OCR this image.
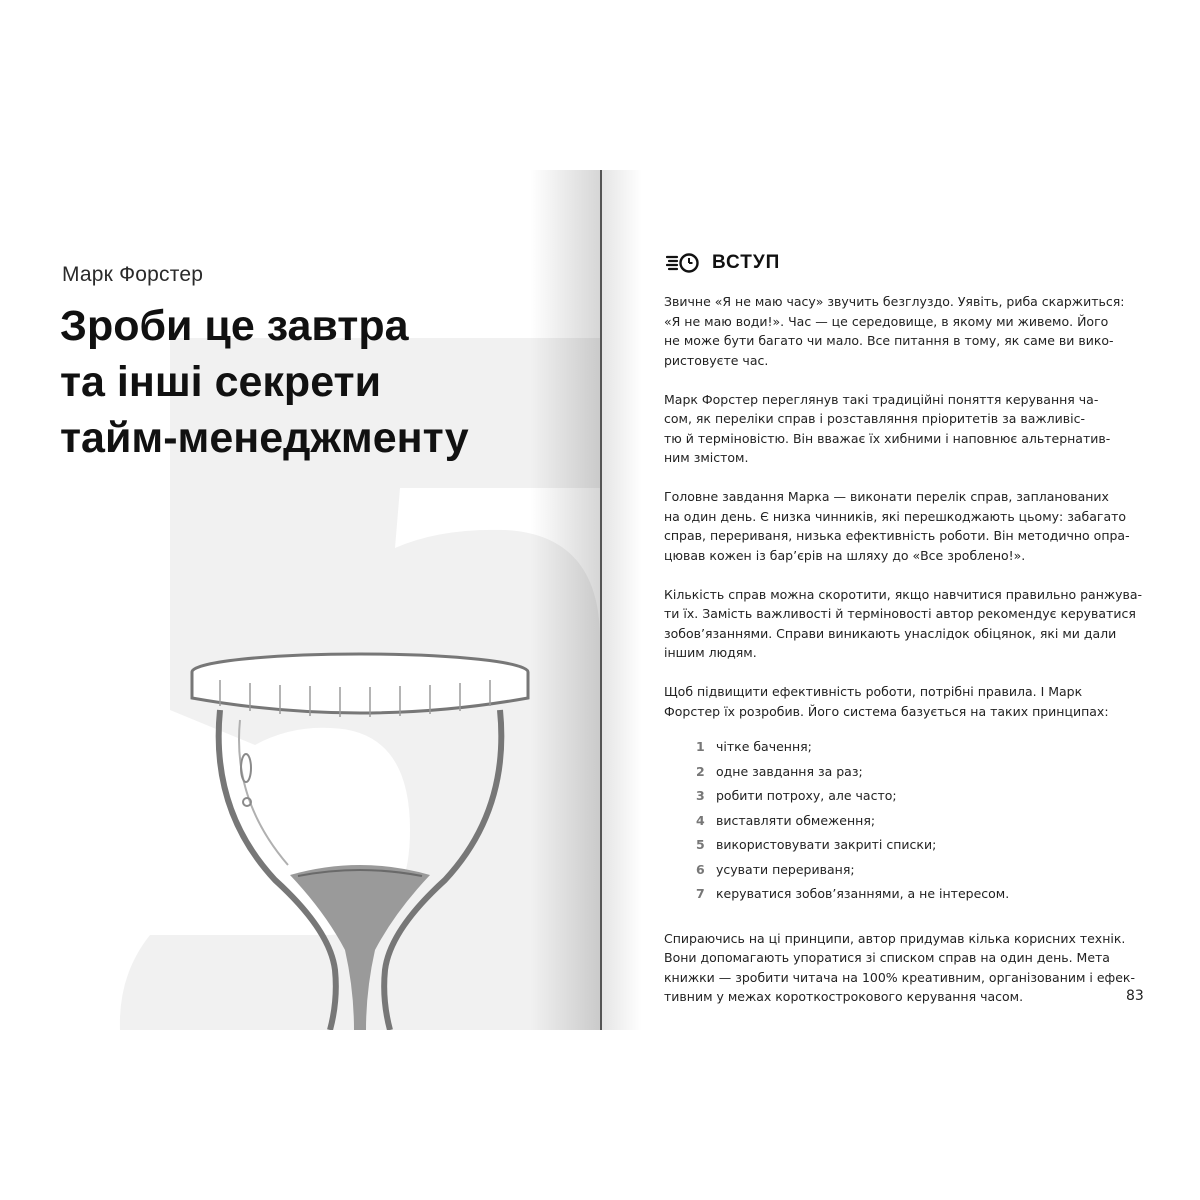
Марк Форстер
Зроби це завтра
та інші секрети
тайм-менеджменту
ВСТУП

Звичне «Я не маю часу» звучить безглуздо. Уявіть, риба скаржиться:
«Я не маю води!». Час — це середовище, в якому ми живемо. Його
не може бути багато чи мало. Все питання в тому, як саме ви вико-
ристовуєте час.

Марк Форстер переглянув такі традиційні поняття керування ча-
сом, як переліки справ і розставляння пріоритетів за важливіс-
тю й терміновістю. Він вважає їх хибними і наповнює альтернатив-
ним змістом.

Головне завдання Марка — виконати перелік справ, запланованих
на один день. Є низка чинників, які перешкоджають цьому: забагато
справ, перериваня, низька ефективність роботи. Він методично опра-
цював кожен із бар’єрів на шляху до «Все зроблено!».

Кількість справ можна скоротити, якщо навчитися правильно ранжува-
ти їх. Замість важливості й терміновості автор рекомендує керуватися
зобов’язаннями. Справи виникають унаслідок обіцянок, які ми дали
іншим людям.

Щоб підвищити ефективність роботи, потрібні правила. І Марк
Форстер їх розробив. Його система базується на таких принципах:

1 чітке бачення;
2 одне завдання за раз;
3 робити потроху, але часто;
4 виставляти обмеження;
5 використовувати закриті списки;
6 усувати перериваня;
7 керуватися зобов’язаннями, а не інтересом.

Спираючись на ці принципи, автор придумав кілька корисних технік.
Вони допомагають упоратися зі списком справ на один день. Мета
книжки — зробити читача на 100% креативним, організованим і ефек-
тивним у межах короткострокового керування часом.	83
